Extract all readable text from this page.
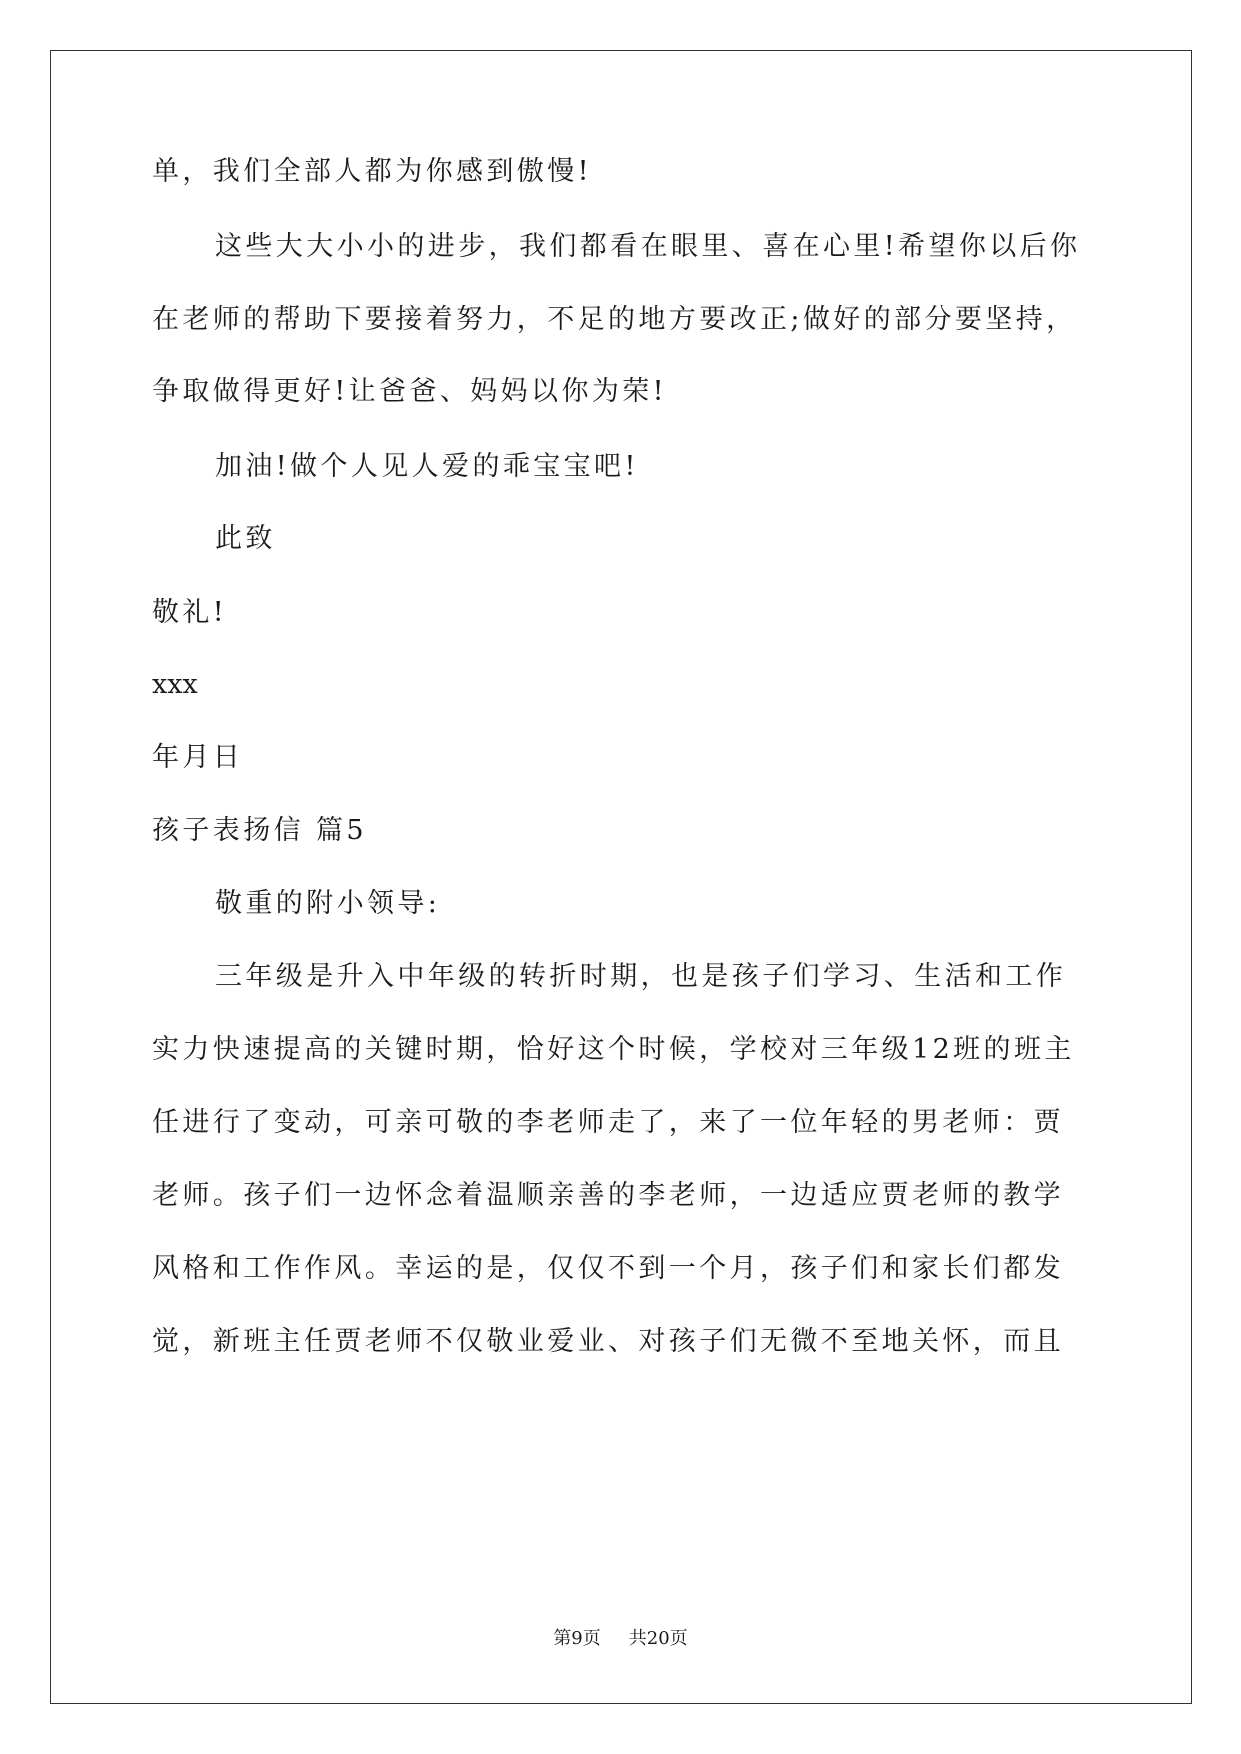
单，我们全部人都为你感到傲慢!
这些大大小小的进步，我们都看在眼里、喜在心里!希望你以后你
在老师的帮助下要接着努力，不足的地方要改正;做好的部分要坚持，
争取做得更好!让爸爸、妈妈以你为荣!
加油!做个人见人爱的乖宝宝吧!
此致
敬礼!
xxx
年月日
孩子表扬信 篇5
敬重的附小领导:
三年级是升入中年级的转折时期，也是孩子们学习、生活和工作
实力快速提高的关键时期，恰好这个时候，学校对三年级12班的班主
任进行了变动，可亲可敬的李老师走了，来了一位年轻的男老师：贾
老师。孩子们一边怀念着温顺亲善的李老师，一边适应贾老师的教学
风格和工作作风。幸运的是，仅仅不到一个月，孩子们和家长们都发
觉，新班主任贾老师不仅敬业爱业、对孩子们无微不至地关怀，而且
第9页 共20页
